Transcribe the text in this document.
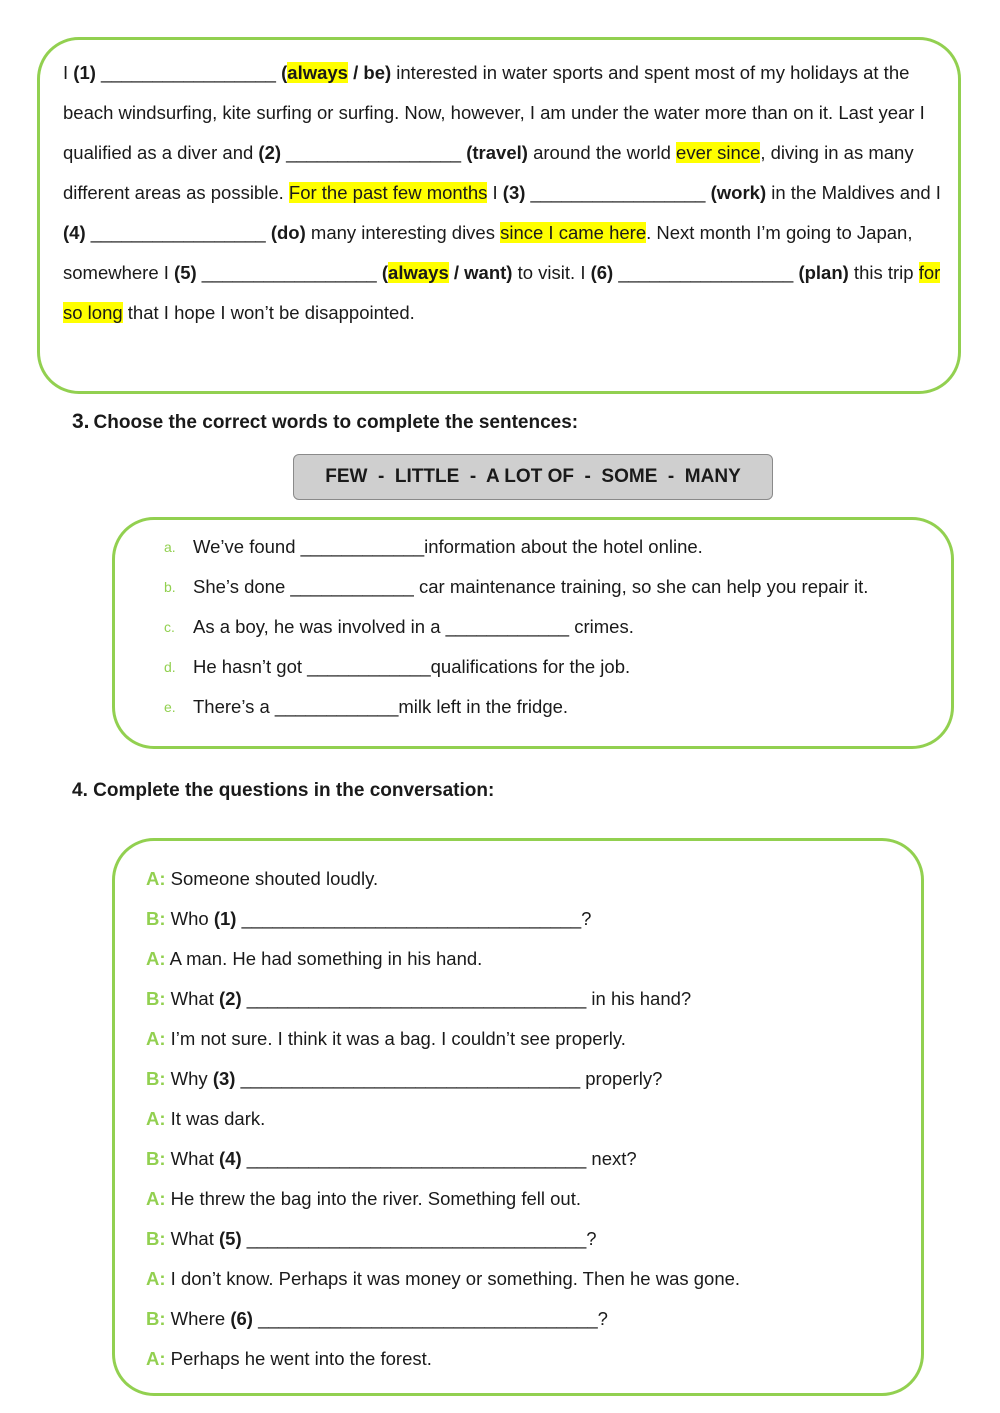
I (1) _________________ (always / be) interested in water sports and spent most of my holidays at the beach windsurfing, kite surfing or surfing. Now, however, I am under the water more than on it. Last year I qualified as a diver and (2) _________________ (travel) around the world ever since, diving in as many different areas as possible. For the past few months I (3) _________________ (work) in the Maldives and I (4) _________________ (do) many interesting dives since I came here. Next month I’m going to Japan, somewhere I (5) _________________ (always / want) to visit. I (6) _________________ (plan) this trip for so long that I hope I won’t be disappointed.

3. Choose the correct words to complete the sentences:
FEW  -  LITTLE  -  A LOT OF  -  SOME  -  MANY
a. We’ve found ____________information about the hotel online.
b. She’s done ____________ car maintenance training, so she can help you repair it.
c. As a boy, he was involved in a ____________ crimes.
d. He hasn’t got ____________qualifications for the job.
e. There’s a ____________milk left in the fridge.
4. Complete the questions in the conversation:
A: Someone shouted loudly.
B: Who (1) _________________________________?
A: A man. He had something in his hand.
B: What (2) _________________________________ in his hand?
A: I’m not sure. I think it was a bag. I couldn’t see properly.
B: Why (3) _________________________________ properly?
A: It was dark.
B: What (4) _________________________________ next?
A: He threw the bag into the river. Something fell out.
B: What (5) _________________________________?
A: I don’t know. Perhaps it was money or something. Then he was gone.
B: Where (6) _________________________________?
A: Perhaps he went into the forest.
